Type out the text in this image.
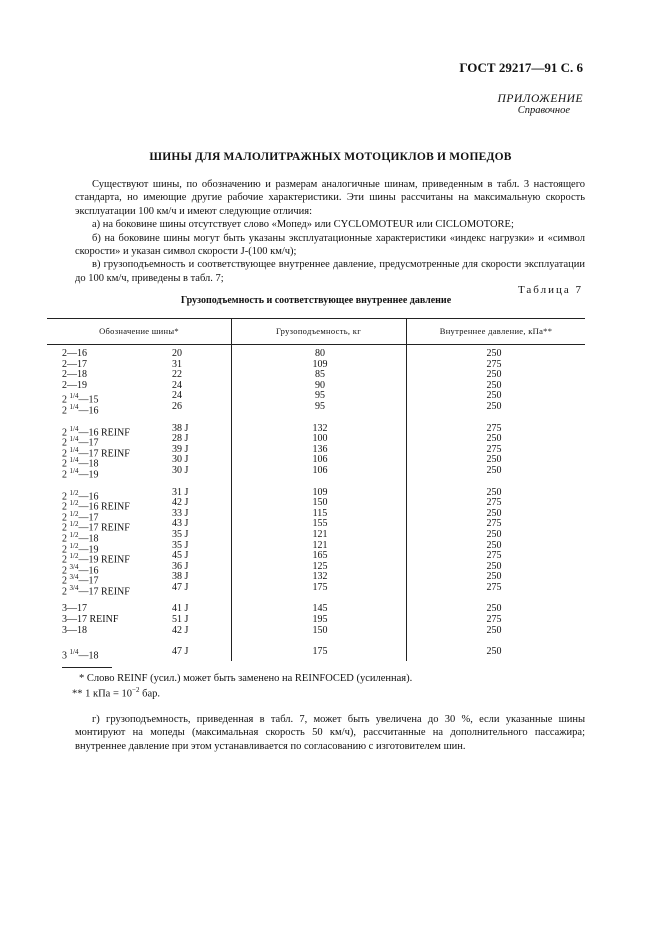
ГОСТ 29217—91 С. 6
ПРИЛОЖЕНИЕ
Справочное
ШИНЫ ДЛЯ МАЛОЛИТРАЖНЫХ МОТОЦИКЛОВ И МОПЕДОВ

Существуют шины, по обозначению и размерам аналогичные шинам, приведенным в табл. 3 настоящего стандарта, но имеющие другие рабочие характеристики. Эти шины рассчитаны на максимальную скорость эксплуатации 100 км/ч и имеют следующие отличия:

а) на боковине шины отсутствует слово «Мопед» или CYCLOMOTEUR или CICLOMOTORE;

б) на боковине шины могут быть указаны эксплуатационные характеристики «индекс нагрузки» и «символ скорости» и указан символ скорости J-(100 км/ч);

в) грузоподъемность и соответствующее внутреннее давление, предусмотренные для скорости эксплуатации до 100 км/ч, приведены в табл. 7;

Таблица 7
Грузоподъемность и соответствующее внутреннее давление
Обозначение шины*	Грузоподъемность, кг	Внутреннее давление, кПа**
2—16	20	80	250
2—17	31	109	275
2—18	22	85	250
2—19	24	90	250
2 $^{1/4}$—15	24	95	250
2 $^{1/4}$—16	26	95	250
2 $^{1/4}$—16 REINF	38 J	132	275
2 $^{1/4}$—17	28 J	100	250
2 $^{1/4}$—17 REINF	39 J	136	275
2 $^{1/4}$—18	30 J	106	250
2 $^{1/4}$—19	30 J	106	250
2 $^{1/2}$—16	31 J	109	250
2 $^{1/2}$—16 REINF	42 J	150	275
2 $^{1/2}$—17	33 J	115	250
2 $^{1/2}$—17 REINF	43 J	155	275
2 $^{1/2}$—18	35 J	121	250
2 $^{1/2}$—19	35 J	121	250
2 $^{1/2}$—19 REINF	45 J	165	275
2 $^{3/4}$—16	36 J	125	250
2 $^{3/4}$—17	38 J	132	250
2 $^{3/4}$—17 REINF	47 J	175	275
3—17	41 J	145	250
3—17 REINF	51 J	195	275
3—18	42 J	150	250
3 $^{1/4}$—18	47 J	175	250
* Слово REINF (усил.) может быть заменено на REINFOCED (усиленная).
** 1 кПа = $10^{-2}$ бар.

г) грузоподъемность, приведенная в табл. 7, может быть увеличена до 30 %, если указанные шины монтируют на мопеды (максимальная скорость 50 км/ч), рассчитанные на дополнительного пассажира; внутреннее давление при этом устанавливается по согласованию с изготовителем шин.
